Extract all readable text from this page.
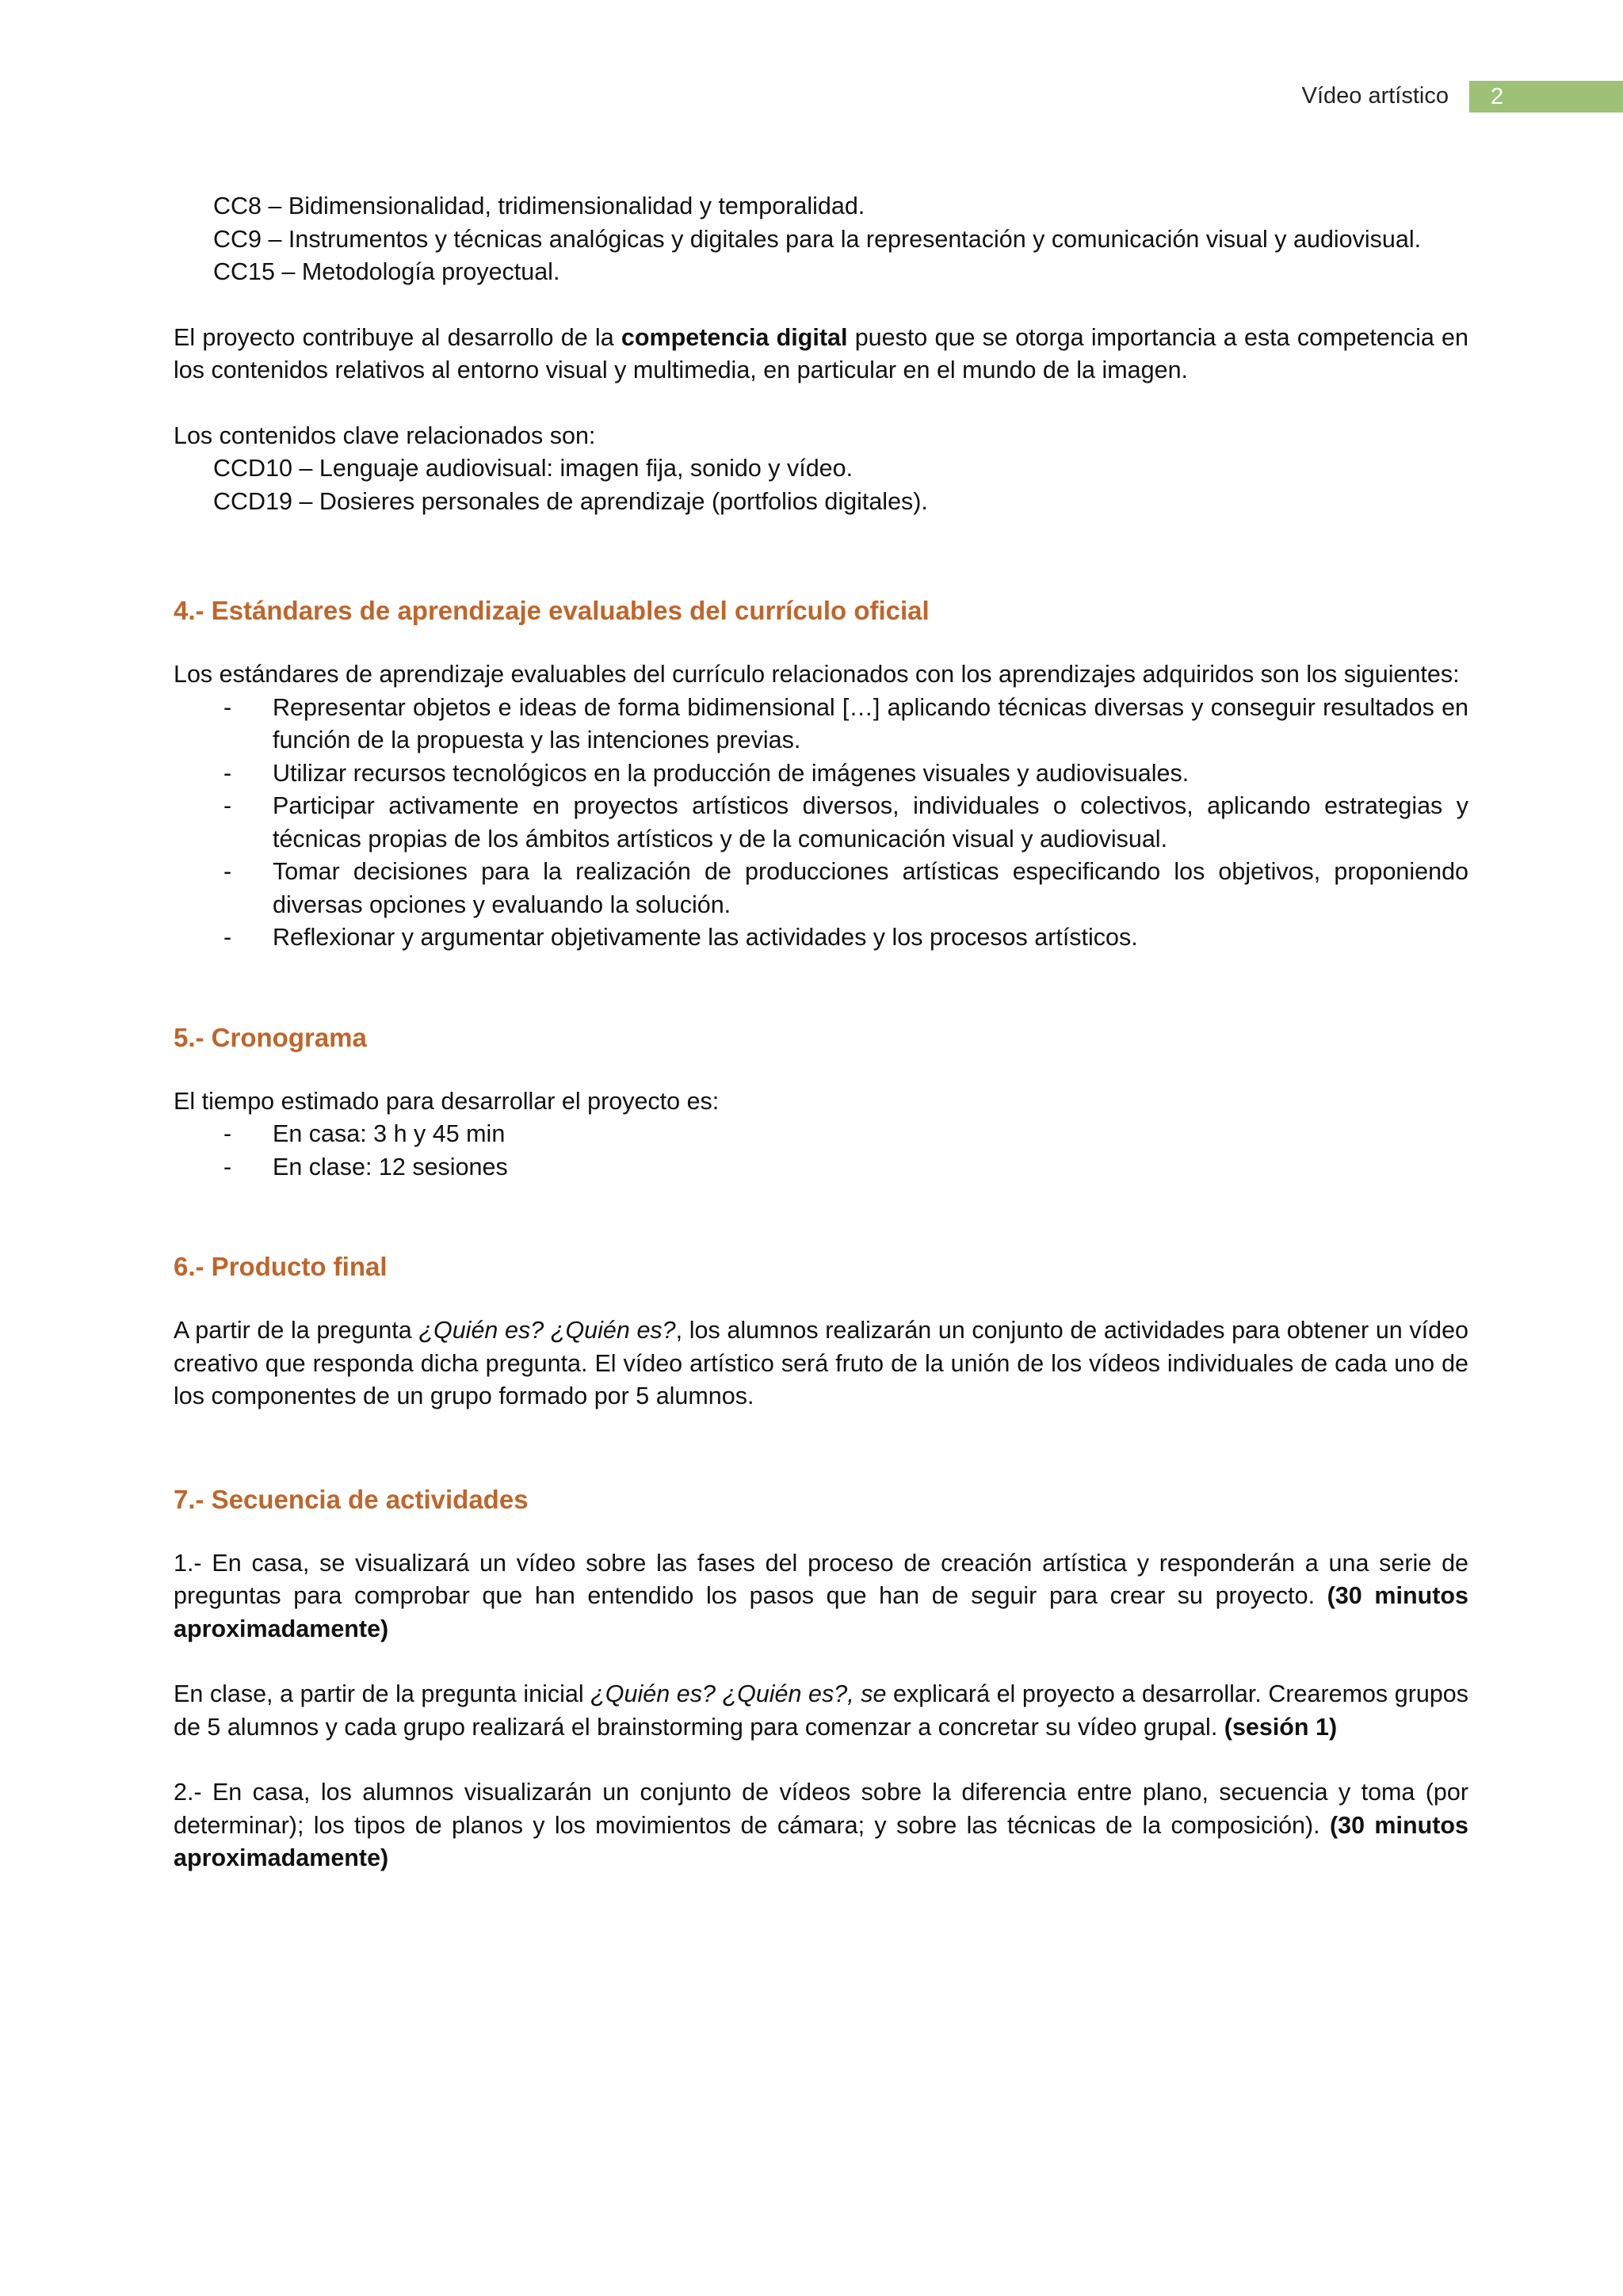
Vídeo artístico	2

CC8 – Bidimensionalidad, tridimensionalidad y temporalidad.

CC9 – Instrumentos y técnicas analógicas y digitales para la representación y comunicación visual y audiovisual.

CC15 – Metodología proyectual.

El proyecto contribuye al desarrollo de la competencia digital puesto que se otorga importancia a esta competencia en los contenidos relativos al entorno visual y multimedia, en particular en el mundo de la imagen.

Los contenidos clave relacionados son:

CCD10 – Lenguaje audiovisual: imagen fija, sonido y vídeo.

CCD19 – Dosieres personales de aprendizaje (portfolios digitales).

4.- Estándares de aprendizaje evaluables del currículo oficial

Los estándares de aprendizaje evaluables del currículo relacionados con los aprendizajes adquiridos son los siguientes:

- Representar objetos e ideas de forma bidimensional […] aplicando técnicas diversas y conseguir resultados en función de la propuesta y las intenciones previas.
- Utilizar recursos tecnológicos en la producción de imágenes visuales y audiovisuales.
- Participar activamente en proyectos artísticos diversos, individuales o colectivos, aplicando estrategias y técnicas propias de los ámbitos artísticos y de la comunicación visual y audiovisual.
- Tomar decisiones para la realización de producciones artísticas especificando los objetivos, proponiendo diversas opciones y evaluando la solución.
- Reflexionar y argumentar objetivamente las actividades y los procesos artísticos.
5.- Cronograma

El tiempo estimado para desarrollar el proyecto es:

- En casa: 3 h y 45 min
- En clase: 12 sesiones
6.- Producto final

A partir de la pregunta ¿Quién es? ¿Quién es?, los alumnos realizarán un conjunto de actividades para obtener un vídeo creativo que responda dicha pregunta. El vídeo artístico será fruto de la unión de los vídeos individuales de cada uno de los componentes de un grupo formado por 5 alumnos.

7.- Secuencia de actividades

1.- En casa, se visualizará un vídeo sobre las fases del proceso de creación artística y responderán a una serie de preguntas para comprobar que han entendido los pasos que han de seguir para crear su proyecto. (30 minutos aproximadamente)

En clase, a partir de la pregunta inicial ¿Quién es? ¿Quién es?, se explicará el proyecto a desarrollar. Crearemos grupos de 5 alumnos y cada grupo realizará el brainstorming para comenzar a concretar su vídeo grupal. (sesión 1)

2.- En casa, los alumnos visualizarán un conjunto de vídeos sobre la diferencia entre plano, secuencia y toma (por determinar); los tipos de planos y los movimientos de cámara; y sobre las técnicas de la composición). (30 minutos aproximadamente)
